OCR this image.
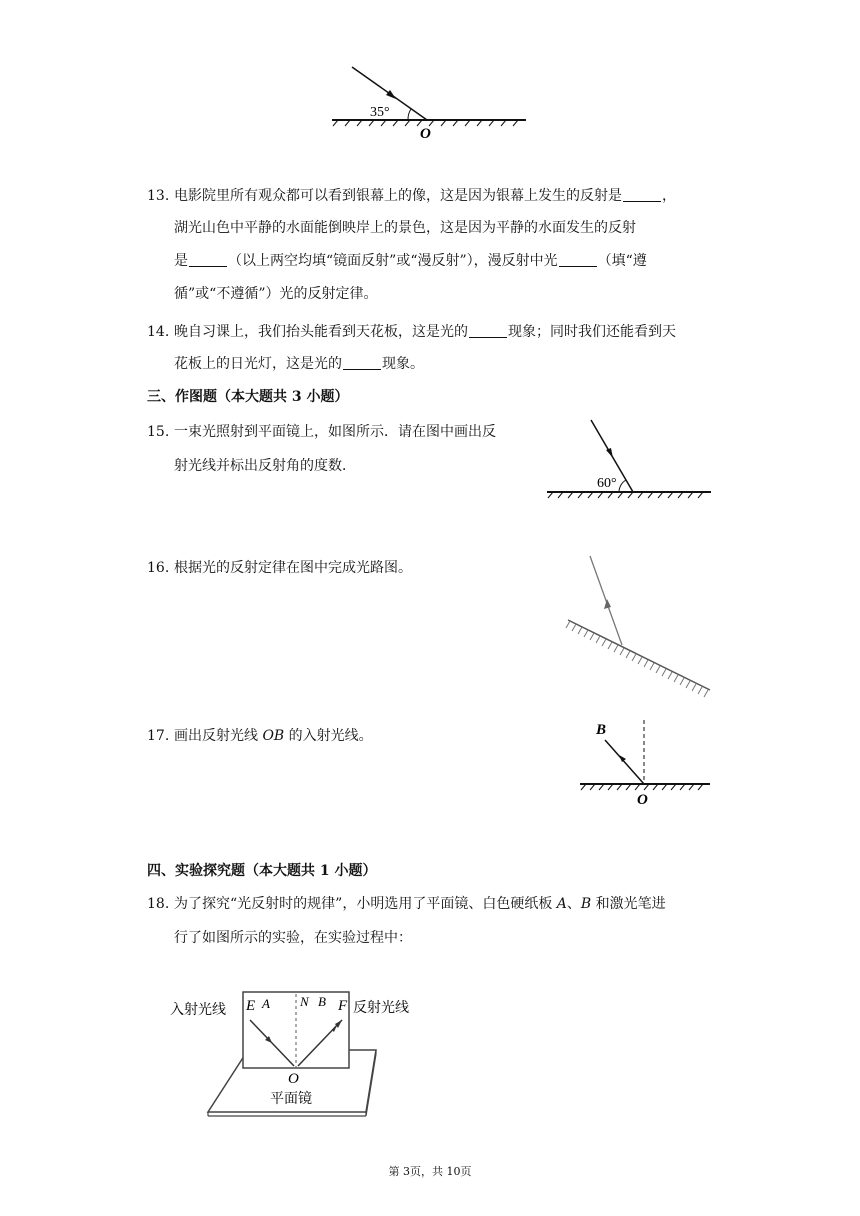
35°
O
13. 电影院里所有观众都可以看到银幕上的像，这是因为银幕上发生的反射是	，
湖光山色中平静的水面能倒映岸上的景色，这是因为平静的水面发生的反射
是	（以上两空均填“镜面反射”或“漫反射”），漫反射中光	（填“遵
循”或“不遵循”）光的反射定律。
14. 晚自习课上，我们抬头能看到天花板，这是光的	现象；同时我们还能看到天
花板上的日光灯，这是光的	现象。
三、作图题（本大题共 3 小题）
15. 一束光照射到平面镜上，如图所示．请在图中画出反
射光线并标出反射角的度数．
60°
16. 根据光的反射定律在图中完成光路图。
17. 画出反射光线 OB 的入射光线。	B
O
四、实验探究题（本大题共 1 小题）
18. 为了探究“光反射时的规律”，小明选用了平面镜、白色硬纸板 A、B 和激光笔进
行了如图所示的实验，在实验过程中：
入射光线	反射光线
平面镜
E A N B F
O
第 3页，共 10页
